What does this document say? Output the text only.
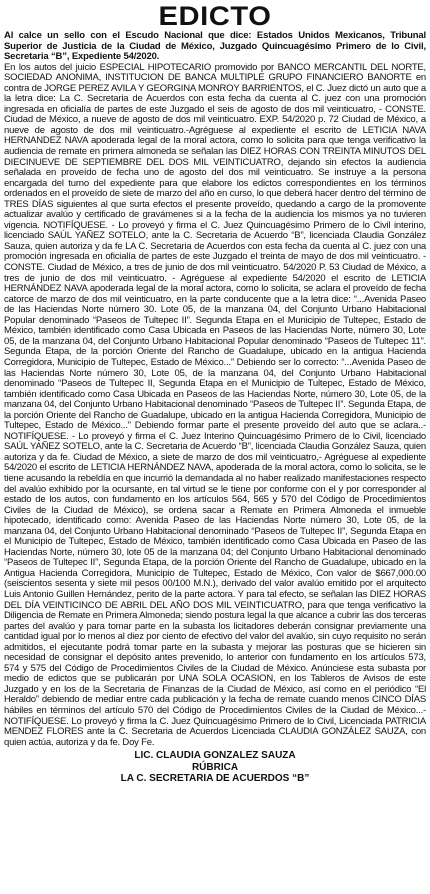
EDICTO

Al calce un sello con el Escudo Nacional que dice: Estados Unidos Mexicanos, Tribunal Superior de Justicia de la Ciudad de México, Juzgado Quincuagésimo Primero de lo Civil, Secretaria “B”, Expediente 54/2020.

En los autos del juicio ESPECIAL HIPOTECARIO promovido por BANCO MERCANTIL DEL NORTE, SOCIEDAD ANONIMA, INSTITUCION DE BANCA MULTIPLE GRUPO FINANCIERO BANORTE en contra de JORGE PEREZ AVILA Y GEORGINA MONROY BARRIENTOS, el C. Juez dictó un auto que a la letra dice: La C. Secretaria de Acuerdos con esta fecha da cuenta al C. juez con una promoción ingresada en oficialía de partes de este Juzgado el seis de agosto de dos mil veinticuatro, - CONSTE. Ciudad de México, a nueve de agosto de dos mil veinticuatro. EXP. 54/2020 p. 72 Ciudad de México, a nueve de agosto de dos mil veinticuatro.-Agréguese al expediente el escrito de LETICIA NAVA HERNANDEZ NAVA apoderada legal de la moral actora, como lo solicita para que tenga verificativo la audiencia de remate en primera almoneda se señalan las DIEZ HORAS CON TREINTA MINUTOS DEL DIECINUEVE DE SEPTIEMBRE DEL DOS MIL VEINTICUATRO, dejando sin efectos la audiencia señalada en proveído de fecha uno de agosto del dos mil veinticuatro. Se instruye a la persona encargada del turno del expediente para que elabore los edictos correspondientes en los términos ordenados en el proveído de siete de marzo del año en curso, lo que deberá hacer dentro del término de TRES DÍAS siguientes al que surta efectos el presente proveído, quedando a cargo de la promovente actualizar avalúo y certificado de gravámenes si a la fecha de la audiencia los mismos ya no tuvieren vigencia. NOTIFÍQUESE. - Lo proveyó y firma el C. Juez Quincuagésimo Primero de lo Civil interino, licenciado SAÚL YAÑEZ SOTELO, ante la C. Secretaria de Acuerdo “B”, licenciada Claudia González Sauza, quien autoriza y da fe LA C. Secretaria de Acuerdos con esta fecha da cuenta al C. juez con una promoción ingresada en oficialía de partes de este Juzgado el treinta de mayo de dos mil veinticuatro. - CONSTE. Ciudad de México, a tres de junio de dos mil veinticuatro. 54/2020 P. 53 Ciudad de México, a tres de junio de dos mil veinticuatro. - Agréguese al expediente 54/2020 el escrito de LETICIA HERNÁNDEZ NAVA apoderada legal de la moral actora, como lo solicita, se aclara el proveído de fecha catorce de marzo de dos mil veinticuatro, en la parte conducente que a la letra dice: “...Avenida Paseo de las Haciendas Norte número 30. Lote 05, de la manzana 04, del Conjunto Urbano Habitacional Popular denominado “Paseos de Tultepec II”. Segunda Etapa en el Municipio de Tultepec, Estado de México, también identificado como Casa Ubicada en Paseos de las Haciendas Norte, número 30, Lote 05, de la manzana 04, del Conjunto Urbano Habitacional Popular denominado “Paseos de Tultepec 11”. Segunda Etapa, de la porción Oriente del Rancho de Guadalupe, ubicado en la antigua Hacienda Corregidora, Municipio de Tultepec, Estado de México...” Debiendo ser lo correcto: “...Avenida Paseo de las Haciendas Norte número 30, Lote 05, de la manzana 04, del Conjunto Urbano Habitacional denominado “Paseos de Tultepec II, Segunda Etapa en el Municipio de Tultepec, Estado de México, también identificado como Casa Ubicada en Paseos de las Haciendas Norte, número 30, Lote 05, de la manzana 04, del Conjunto Urbano Habitacional denominado “Paseos de Tultepec II”. Segunda Etapa, de la porción Oriente del Rancho de Guadalupe, ubicado en la antigua Hacienda Corregidora, Municipio de Tultepec, Estado de México...” Debiendo formar parte el presente proveído del auto que se aclara..- NOTIFÍQUESE. - Lo proveyó y firma el C. Juez Interino Quincuagésimo Primero de lo Civil, licenciado SAÚL YAÑEZ SOTELO, ante la C. Secretaria de Acuerdo “B”, licenciada Claudia González Sauza, quien autoriza y da fe. Ciudad de México, a siete de marzo de dos mil veinticuatro,- Agréguese al expediente 54/2020 el escrito de LETICIA HERNÁNDEZ NAVA, apoderada de la moral actora, como lo solicita, se le tiene acusando la rebeldía en que incurrió la demandada al no haber realizado manifestaciones respecto del avalúo exhibido por la ocursante, en tal virtud se le tiene por conforme con el y por corresponder al estado de los autos, con fundamento en los artículos 564, 565 y 570 del Código de Procedimientos Civiles de la Ciudad de México), se ordena sacar a Remate en Primera Almoneda el inmueble hipotecado, identificado como: Avenida Paseo de las Haciendas Norte número 30, Lote 05, de la manzana 04, del Conjunto Urbano Habitacional denominado “Paseos de Tultepec II”, Segunda Etapa en el Municipio de Tultepec, Estado de México, también identificado como Casa Ubicada en Paseo de las Haciendas Norte, número 30, lote 05 de la manzana 04; del Conjunto Urbano Habitacional denominado “Paseos de Tultepec II”, Segunda Etapa, de la porción Oriente del Rancho de Guadalupe, ubicado en la Antigua Hacienda Corregidora, Municipio de Tultepec, Estado de México, Con valor de $667,000.00 (seiscientos sesenta y siete mil pesos 00/100 M.N.), derivado del valor avalúo emitido por el arquitecto Luis Antonio Guillen Hernández, perito de la parte actora. Y para tal efecto, se señalan las DIEZ HORAS DEL DÍA VEINTICINCO DE ABRIL DEL AÑO DOS MIL VEINTICUATRO, para que tenga verificativo la Diligencia de Remate en Primera Almoneda; siendo postura legal la que alcance a cubrir las dos terceras partes del avalúo y para tomar parte en la subasta los licitadores deberán consignar previamente una cantidad igual por lo menos al diez por ciento de efectivo del valor del avalúo, sin cuyo requisito no serán admitidos, el ejecutante podrá tomar parte en la subasta y mejorar las posturas que se hicieren sin necesidad de consignar el depósito antes prevenido, lo anterior con fundamento en los artículos 573, 574 y 575 del Código de Procedimientos Civiles de la Ciudad de México. Anúnciese esta subasta por medio de edictos que se publicarán por UNA SOLA OCASION, en los Tableros de Avisos de este Juzgado y en los de la Secretaria de Finanzas de la Ciudad de México, así como en el periódico “El Heraldo” debiendo de mediar entre cada publicación y la fecha de remate cuando menos CINCO DÍAS hábiles en términos del artículo 570 del Código de Procedimientos Civiles de la Ciudad de México...- NOTIFÍQUESE. Lo proveyó y firma la C. Juez Quincuagésimo Primero de lo Civil, Licenciada PATRICIA MENDEZ FLORES ante la C. Secretaria de Acuerdos Licenciada CLAUDIA GONZÁLEZ SAUZA, con quien actúa, autoriza y da fe. Doy Fe.

LIC. CLAUDIA GONZALEZ SAUZA
RÚBRICA
LA C. SECRETARIA DE ACUERDOS “B”
